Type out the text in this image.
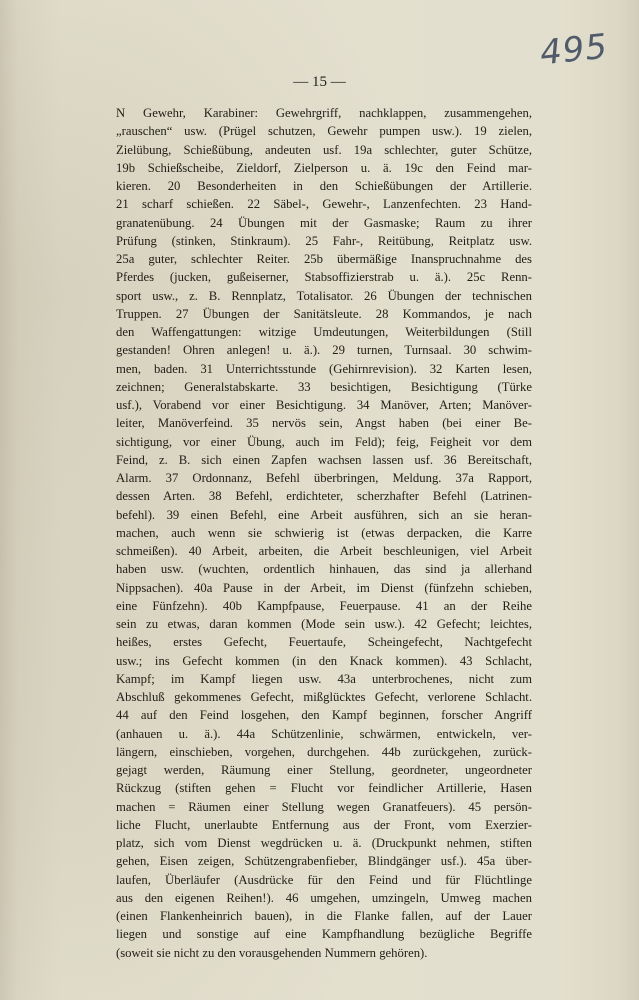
495
— 15 —
N Gewehr, Karabiner: Gewehrgriff, nachklappen, zusammengehen,
„rauschen“ usw. (Prügel schutzen, Gewehr pumpen usw.). 19 zielen,
Zielübung, Schießübung, andeuten usf. 19a schlechter, guter Schütze,
19b Schießscheibe, Zieldorf, Zielperson u. ä. 19c den Feind mar-
kieren. 20 Besonderheiten in den Schießübungen der Artillerie.
21 scharf schießen. 22 Säbel-, Gewehr-, Lanzenfechten. 23 Hand-
granatenübung. 24 Übungen mit der Gasmaske; Raum zu ihrer
Prüfung (stinken, Stinkraum). 25 Fahr-, Reitübung, Reitplatz usw.
25a guter, schlechter Reiter. 25b übermäßige Inanspruchnahme des
Pferdes (jucken, gußeiserner, Stabsoffizierstrab u. ä.). 25c Renn-
sport usw., z. B. Rennplatz, Totalisator. 26 Übungen der technischen
Truppen. 27 Übungen der Sanitätsleute. 28 Kommandos, je nach
den Waffengattungen: witzige Umdeutungen, Weiterbildungen (Still
gestanden! Ohren anlegen! u. ä.). 29 turnen, Turnsaal. 30 schwim-
men, baden. 31 Unterrichtsstunde (Gehirnrevision). 32 Karten lesen,
zeichnen; Generalstabskarte. 33 besichtigen, Besichtigung (Türke
usf.), Vorabend vor einer Besichtigung. 34 Manöver, Arten; Manöver-
leiter, Manöverfeind. 35 nervös sein, Angst haben (bei einer Be-
sichtigung, vor einer Übung, auch im Feld); feig, Feigheit vor dem
Feind, z. B. sich einen Zapfen wachsen lassen usf. 36 Bereitschaft,
Alarm. 37 Ordonnanz, Befehl überbringen, Meldung. 37a Rapport,
dessen Arten. 38 Befehl, erdichteter, scherzhafter Befehl (Latrinen-
befehl). 39 einen Befehl, eine Arbeit ausführen, sich an sie heran-
machen, auch wenn sie schwierig ist (etwas derpacken, die Karre
schmeißen). 40 Arbeit, arbeiten, die Arbeit beschleunigen, viel Arbeit
haben usw. (wuchten, ordentlich hinhauen, das sind ja allerhand
Nippsachen). 40a Pause in der Arbeit, im Dienst (fünfzehn schieben,
eine Fünfzehn). 40b Kampfpause, Feuerpause. 41 an der Reihe
sein zu etwas, daran kommen (Mode sein usw.). 42 Gefecht; leichtes,
heißes, erstes Gefecht, Feuertaufe, Scheingefecht, Nachtgefecht
usw.; ins Gefecht kommen (in den Knack kommen). 43 Schlacht,
Kampf; im Kampf liegen usw. 43a unterbrochenes, nicht zum
Abschluß gekommenes Gefecht, mißglücktes Gefecht, verlorene Schlacht.
44 auf den Feind losgehen, den Kampf beginnen, forscher Angriff
(anhauen u. ä.). 44a Schützenlinie, schwärmen, entwickeln, ver-
längern, einschieben, vorgehen, durchgehen. 44b zurückgehen, zurück-
gejagt werden, Räumung einer Stellung, geordneter, ungeordneter
Rückzug (stiften gehen = Flucht vor feindlicher Artillerie, Hasen
machen = Räumen einer Stellung wegen Granatfeuers). 45 persön-
liche Flucht, unerlaubte Entfernung aus der Front, vom Exerzier-
platz, sich vom Dienst wegdrücken u. ä. (Druckpunkt nehmen, stiften
gehen, Eisen zeigen, Schützengrabenfieber, Blindgänger usf.). 45a über-
laufen, Überläufer (Ausdrücke für den Feind und für Flüchtlinge
aus den eigenen Reihen!). 46 umgehen, umzingeln, Umweg machen
(einen Flankenheinrich bauen), in die Flanke fallen, auf der Lauer
liegen und sonstige auf eine Kampfhandlung bezügliche Begriffe
(soweit sie nicht zu den vorausgehenden Nummern gehören).
